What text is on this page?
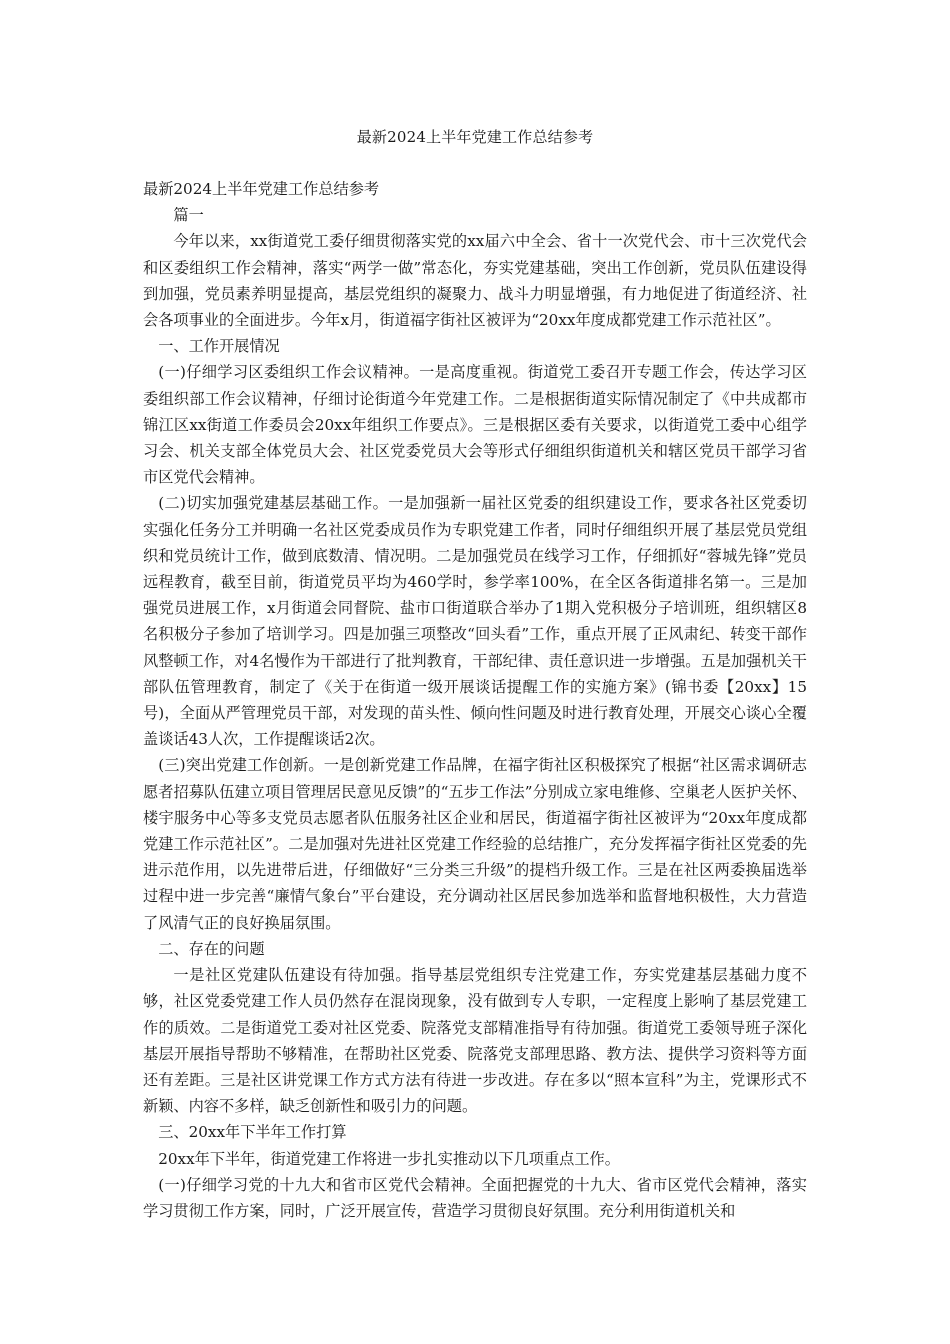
最新2024上半年党建工作总结参考

最新2024上半年党建工作总结参考

篇一

今年以来，xx街道党工委仔细贯彻落实党的xx届六中全会、省十一次党代会、市十三次党代会和区委组织工作会精神，落实“两学一做”常态化，夯实党建基础，突出工作创新，党员队伍建设得到加强，党员素养明显提高，基层党组织的凝聚力、战斗力明显增强，有力地促进了街道经济、社会各项事业的全面进步。今年x月，街道福字街社区被评为“20xx年度成都党建工作示范社区”。

一、工作开展情况

(一)仔细学习区委组织工作会议精神。一是高度重视。街道党工委召开专题工作会，传达学习区委组织部工作会议精神，仔细讨论街道今年党建工作。二是根据街道实际情况制定了《中共成都市锦江区xx街道工作委员会20xx年组织工作要点》。三是根据区委有关要求，以街道党工委中心组学习会、机关支部全体党员大会、社区党委党员大会等形式仔细组织街道机关和辖区党员干部学习省市区党代会精神。

(二)切实加强党建基层基础工作。一是加强新一届社区党委的组织建设工作，要求各社区党委切实强化任务分工并明确一名社区党委成员作为专职党建工作者，同时仔细组织开展了基层党员党组织和党员统计工作，做到底数清、情况明。二是加强党员在线学习工作，仔细抓好“蓉城先锋”党员远程教育，截至目前，街道党员平均为460学时，参学率100%，在全区各街道排名第一。三是加强党员进展工作，x月街道会同督院、盐市口街道联合举办了1期入党积极分子培训班，组织辖区8名积极分子参加了培训学习。四是加强三项整改“回头看”工作，重点开展了正风肃纪、转变干部作风整顿工作，对4名慢作为干部进行了批判教育，干部纪律、责任意识进一步增强。五是加强机关干部队伍管理教育，制定了《关于在街道一级开展谈话提醒工作的实施方案》(锦书委【20xx】15号)，全面从严管理党员干部，对发现的苗头性、倾向性问题及时进行教育处理，开展交心谈心全覆盖谈话43人次，工作提醒谈话2次。

(三)突出党建工作创新。一是创新党建工作品牌，在福字街社区积极探究了根据“社区需求调研志愿者招募队伍建立项目管理居民意见反馈”的“五步工作法”分别成立家电维修、空巢老人医护关怀、楼宇服务中心等多支党员志愿者队伍服务社区企业和居民，街道福字街社区被评为“20xx年度成都党建工作示范社区”。二是加强对先进社区党建工作经验的总结推广，充分发挥福字街社区党委的先进示范作用，以先进带后进，仔细做好“三分类三升级”的提档升级工作。三是在社区两委换届选举过程中进一步完善“廉情气象台”平台建设，充分调动社区居民参加选举和监督地积极性，大力营造了风清气正的良好换届氛围。

二、存在的问题

一是社区党建队伍建设有待加强。指导基层党组织专注党建工作，夯实党建基层基础力度不够，社区党委党建工作人员仍然存在混岗现象，没有做到专人专职，一定程度上影响了基层党建工作的质效。二是街道党工委对社区党委、院落党支部精准指导有待加强。街道党工委领导班子深化基层开展指导帮助不够精准，在帮助社区党委、院落党支部理思路、教方法、提供学习资料等方面还有差距。三是社区讲党课工作方式方法有待进一步改进。存在多以“照本宣科”为主，党课形式不新颖、内容不多样，缺乏创新性和吸引力的问题。

三、20xx年下半年工作打算

20xx年下半年，街道党建工作将进一步扎实推动以下几项重点工作。

(一)仔细学习党的十九大和省市区党代会精神。全面把握党的十九大、省市区党代会精神，落实学习贯彻工作方案，同时，广泛开展宣传，营造学习贯彻良好氛围。充分利用街道机关和
